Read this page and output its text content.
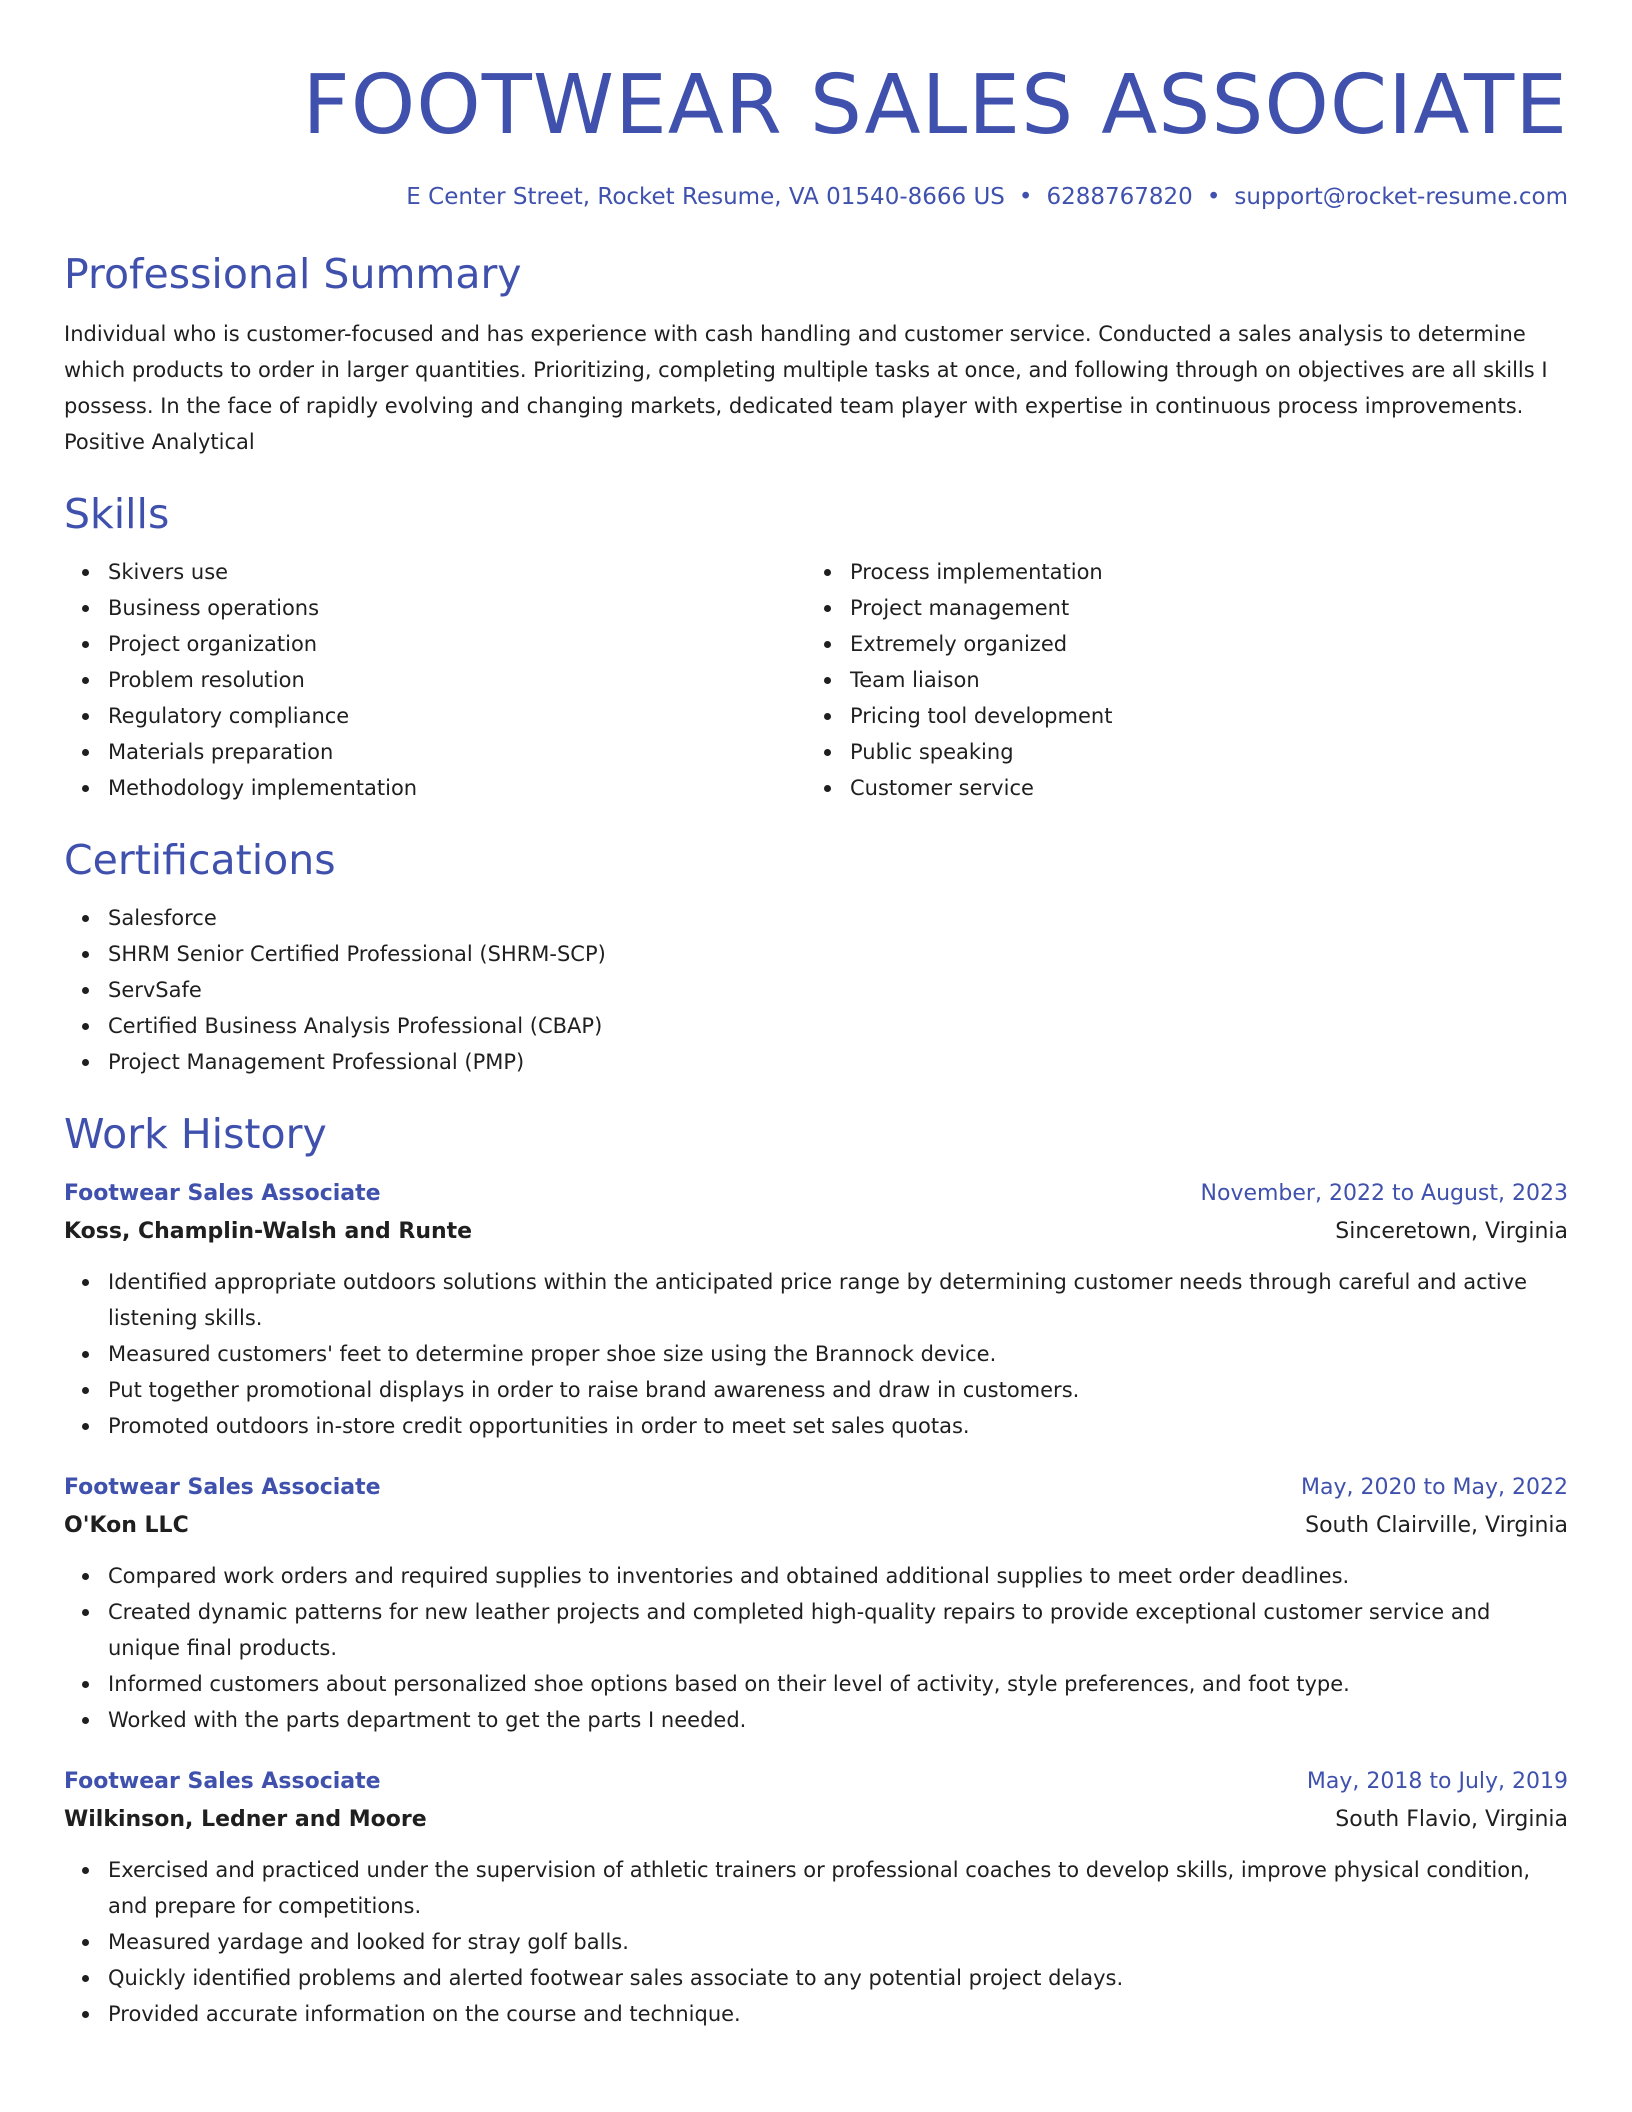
FOOTWEAR SALES ASSOCIATE
E Center Street, Rocket Resume, VA 01540-8666 US • 6288767820 • support@rocket-resume.com
Professional Summary

Individual who is customer-focused and has experience with cash handling and customer service. Conducted a sales analysis to determine which products to order in larger quantities. Prioritizing, completing multiple tasks at once, and following through on objectives are all skills I possess. In the face of rapidly evolving and changing markets, dedicated team player with expertise in continuous process improvements. Positive Analytical

Skills
Skivers use
Business operations
Project organization
Problem resolution
Regulatory compliance
Materials preparation
Methodology implementation
Process implementation
Project management
Extremely organized
Team liaison
Pricing tool development
Public speaking
Customer service
Certifications
Salesforce
SHRM Senior Certified Professional (SHRM-SCP)
ServSafe
Certified Business Analysis Professional (CBAP)
Project Management Professional (PMP)
Work History
Footwear Sales Associate	November, 2022 to August, 2023
Koss, Champlin-Walsh and Runte	Sinceretown, Virginia
Identified appropriate outdoors solutions within the anticipated price range by determining customer needs through careful and active listening skills.
Measured customers' feet to determine proper shoe size using the Brannock device.
Put together promotional displays in order to raise brand awareness and draw in customers.
Promoted outdoors in-store credit opportunities in order to meet set sales quotas.
Footwear Sales Associate	May, 2020 to May, 2022
O'Kon LLC	South Clairville, Virginia
Compared work orders and required supplies to inventories and obtained additional supplies to meet order deadlines.
Created dynamic patterns for new leather projects and completed high-quality repairs to provide exceptional customer service and unique final products.
Informed customers about personalized shoe options based on their level of activity, style preferences, and foot type.
Worked with the parts department to get the parts I needed.
Footwear Sales Associate	May, 2018 to July, 2019
Wilkinson, Ledner and Moore	South Flavio, Virginia
Exercised and practiced under the supervision of athletic trainers or professional coaches to develop skills, improve physical condition, and prepare for competitions.
Measured yardage and looked for stray golf balls.
Quickly identified problems and alerted footwear sales associate to any potential project delays.
Provided accurate information on the course and technique.
